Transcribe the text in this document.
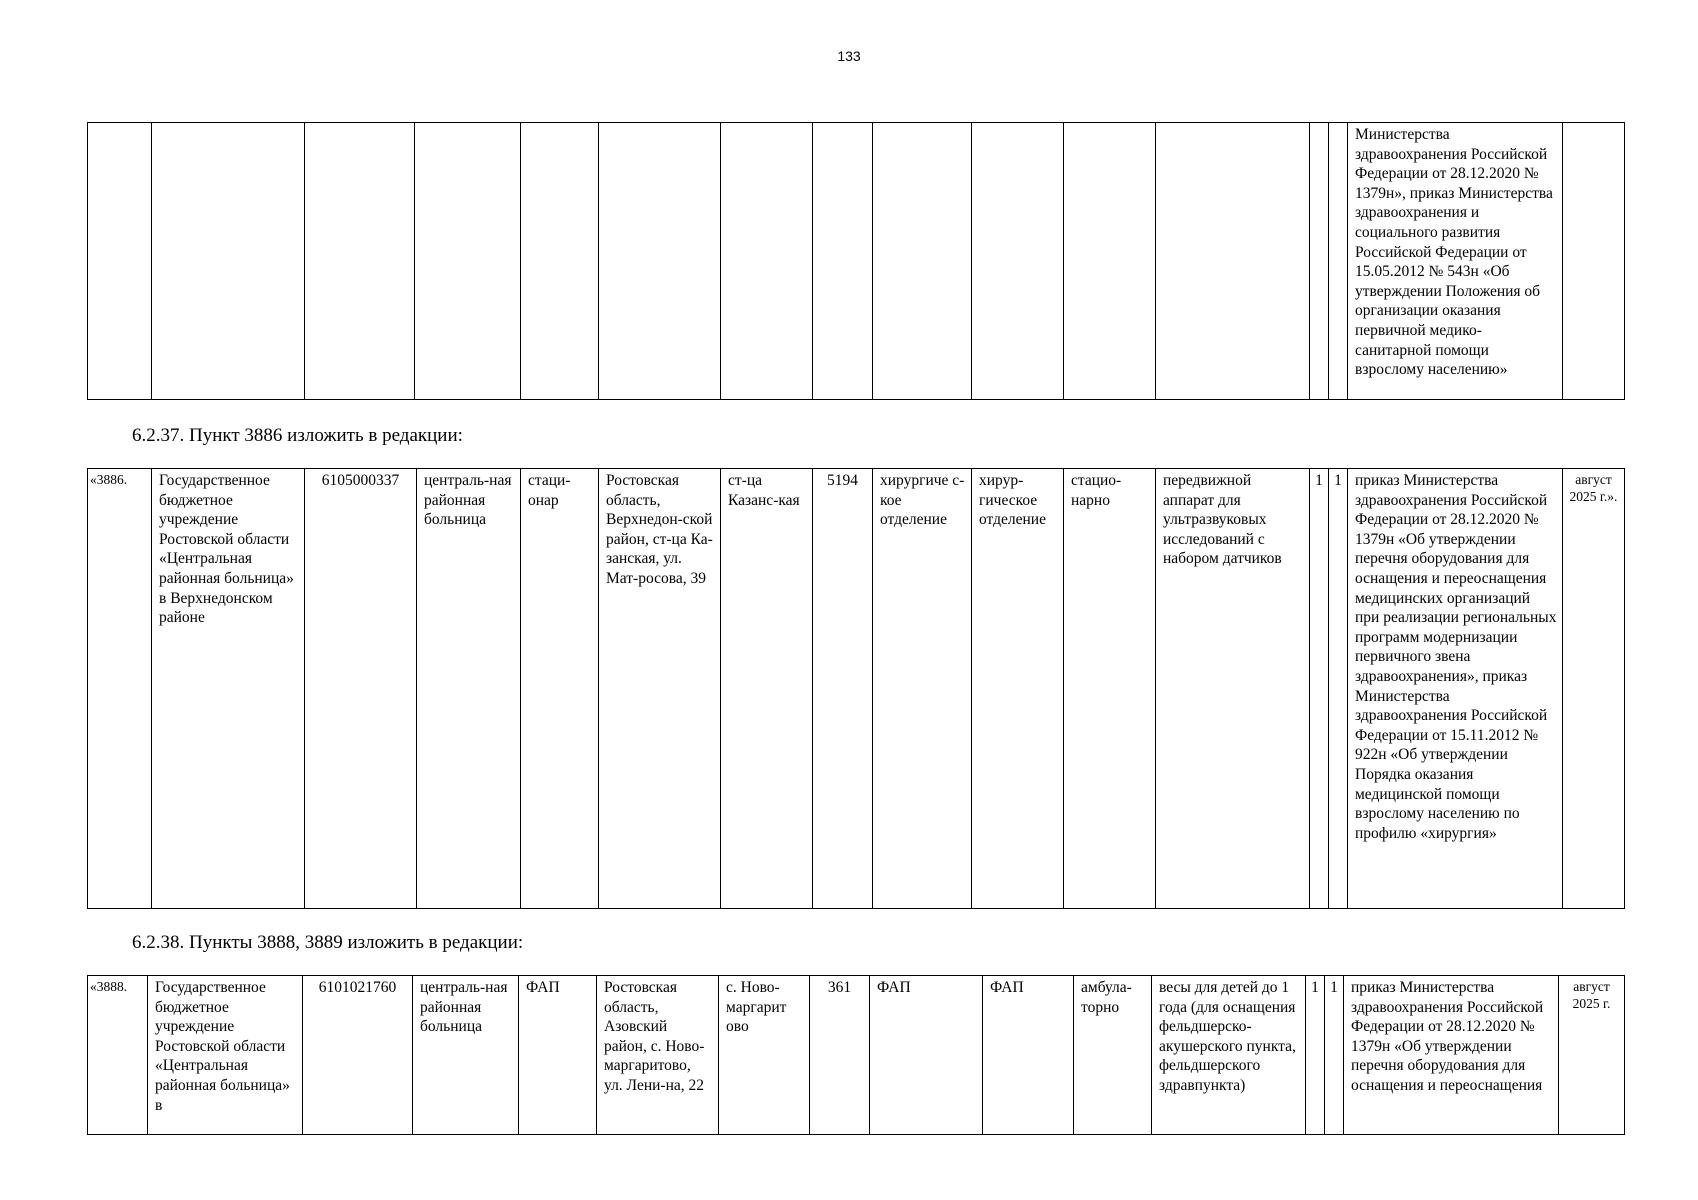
133
														Министерства здравоохранения Российской Федерации от 28.12.2020 № 1379н», приказ Министерства здравоохранения и социального развития Российской Федерации от 15.05.2012 № 543н «Об утверждении Положения об организации оказания первичной медико-санитарной помощи взрослому населению»	
6.2.37. Пункт 3886 изложить в редакции:
«3886.	Государственное бюджетное учреждение Ростовской области «Центральная районная больница» в Верхнедонском районе	6105000337	централь-ная районная больница	стаци-онар	Ростовская область, Верхнедон-ской район, ст-ца Ка-занская, ул. Мат-росова, 39	ст-ца Казанс-кая	5194	хирургиче с-кое отделение	хирур-гическое отделение	стацио-нарно	передвижной аппарат для ультразвуковых исследований с набором датчиков	1	1	приказ Министерства здравоохранения Российской Федерации от 28.12.2020 № 1379н «Об утверждении перечня оборудования для оснащения и переоснащения медицинских организаций при реализации региональных программ модернизации первичного звена здравоохранения», приказ Министерства здравоохранения Российской Федерации от 15.11.2012 № 922н «Об утверждении Порядка оказания медицинской помощи взрослому населению по профилю «хирургия»	август 2025 г.».
6.2.38. Пункты 3888, 3889 изложить в редакции:
«3888.	Государственное бюджетное учреждение Ростовской области «Центральная районная больница» в	6101021760	централь-ная районная больница	ФАП	Ростовская область, Азовский район, с. Ново-маргаритово, ул. Лени-на, 22	с. Ново-маргарит ово	361	ФАП	ФАП	амбула-торно	весы для детей до 1 года (для оснащения фельдшерско-акушерского пункта, фельдшерского здравпункта)	1	1	приказ Министерства здравоохранения Российской Федерации от 28.12.2020 № 1379н «Об утверждении перечня оборудования для оснащения и переоснащения	август 2025 г.
